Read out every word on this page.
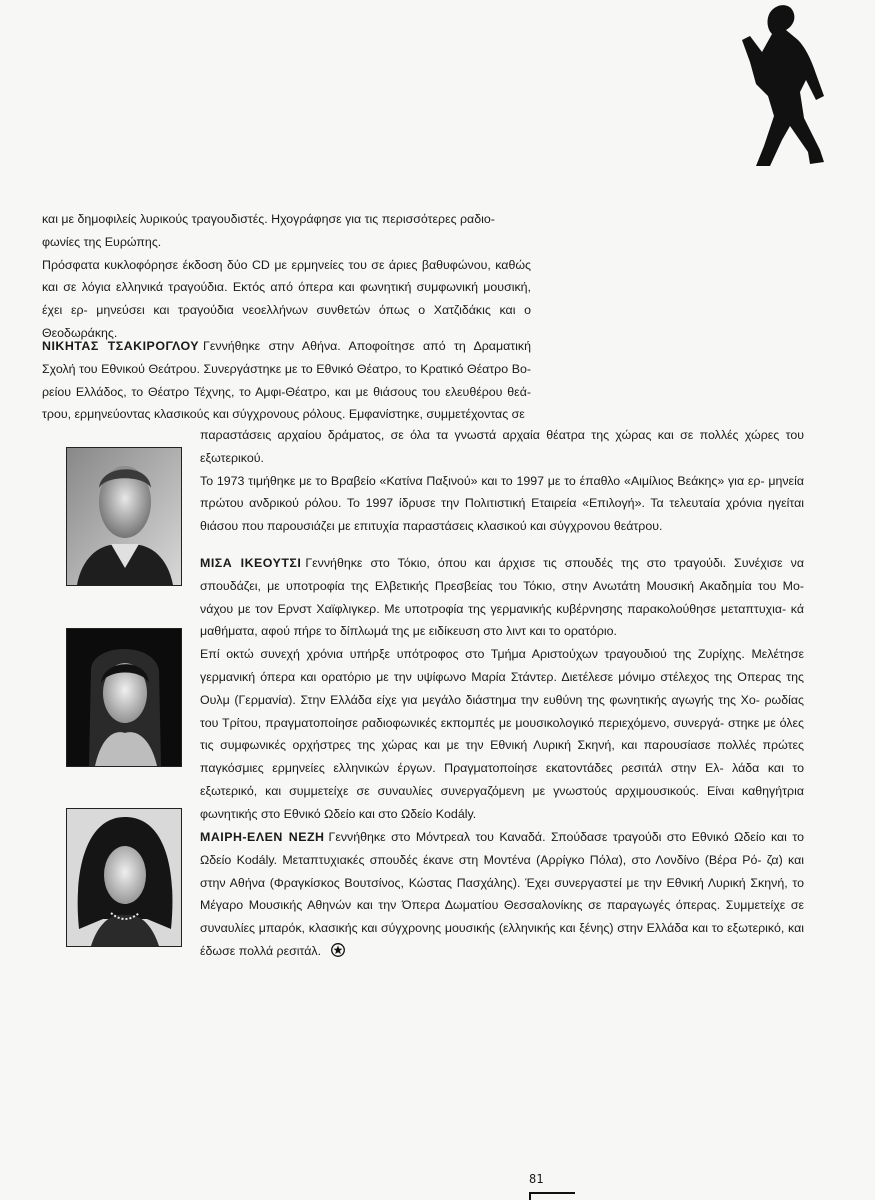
και με δημοφιλείς λυρικούς τραγουδιστές. Ηχογράφησε για τις περισσότερες ραδιο-

φωνίες της Ευρώπης.

Πρόσφατα κυκλοφόρησε έκδοση δύο CD με ερμηνείες του σε άριες βαθυφώνου, καθώς και σε λόγια ελληνικά τραγούδια. Εκτός από όπερα και φωνητική συμφωνική μουσική, έχει ερ- μηνεύσει και τραγούδια νεοελλήνων συνθετών όπως ο Χατζιδάκις και ο Θεοδωράκης.

ΝΙΚΗΤΑΣ ΤΣΑΚΙΡΟΓΛΟΥ Γεννήθηκε στην Αθήνα. Αποφοίτησε από τη Δραματική Σχολή του Εθνικού Θεάτρου. Συνεργάστηκε με το Εθνικό Θέατρο, το Κρατικό Θέατρο Βο- ρείου Ελλάδος, το Θέατρο Τέχνης, το Αμφι-Θέατρο, και με θιάσους του ελευθέρου θεά- τρου, ερμηνεύοντας κλασικούς και σύγχρονους ρόλους. Εμφανίστηκε, συμμετέχοντας σε

παραστάσεις αρχαίου δράματος, σε όλα τα γνωστά αρχαία θέατρα της χώρας και σε πολλές χώρες του εξωτερικού.

Το 1973 τιμήθηκε με το Βραβείο «Κατίνα Παξινού» και το 1997 με το έπαθλο «Αιμίλιος Βεάκης» για ερ- μηνεία πρώτου ανδρικού ρόλου. Το 1997 ίδρυσε την Πολιτιστική Εταιρεία «Επιλογή». Τα τελευταία χρόνια ηγείται θιάσου που παρουσιάζει με επιτυχία παραστάσεις κλασικού και σύγχρονου θεάτρου.

ΜΙΣΑ ΙΚΕΟΥΤΣΙ Γεννήθηκε στο Τόκιο, όπου και άρχισε τις σπουδές της στο τραγούδι. Συνέχισε να σπουδάζει, με υποτροφία της Ελβετικής Πρεσβείας του Τόκιο, στην Ανωτάτη Μουσική Ακαδημία του Μο- νάχου με τον Ερνστ Χαϊφλιγκερ. Με υποτροφία της γερμανικής κυβέρνησης παρακολούθησε μεταπτυχια- κά μαθήματα, αφού πήρε το δίπλωμά της με ειδίκευση στο λιντ και το ορατόριο.

Επί οκτώ συνεχή χρόνια υπήρξε υπότροφος στο Τμήμα Αριστούχων τραγουδιού της Ζυρίχης. Μελέτησε γερμανική όπερα και ορατόριο με την υψίφωνο Μαρία Στάντερ. Διετέλεσε μόνιμο στέλεχος της Οπερας της Ουλμ (Γερμανία). Στην Ελλάδα είχε για μεγάλο διάστημα την ευθύνη της φωνητικής αγωγής της Χο- ρωδίας του Τρίτου, πραγματοποίησε ραδιοφωνικές εκπομπές με μουσικολογικό περιεχόμενο, συνεργά- στηκε με όλες τις συμφωνικές ορχήστρες της χώρας και με την Εθνική Λυρική Σκηνή, και παρουσίασε πολλές πρώτες παγκόσμιες ερμηνείες ελληνικών έργων. Πραγματοποίησε εκατοντάδες ρεσιτάλ στην Ελ- λάδα και το εξωτερικό, και συμμετείχε σε συναυλίες συνεργαζόμενη με γνωστούς αρχιμουσικούς. Είναι καθηγήτρια φωνητικής στο Εθνικό Ωδείο και στο Ωδείο Kodály.

ΜΑΙΡΗ-ΕΛΕΝ ΝΕΖΗ Γεννήθηκε στο Μόντρεαλ του Καναδά. Σπούδασε τραγούδι στο Εθνικό Ωδείο και το Ωδείο Kodály. Μεταπτυχιακές σπουδές έκανε στη Μοντένα (Αρρίγκο Πόλα), στο Λονδίνο (Βέρα Ρό- ζα) και στην Αθήνα (Φραγκίσκος Βουτσίνος, Κώστας Πασχάλης). Έχει συνεργαστεί με την Εθνική Λυρική Σκηνή, το Μέγαρο Μουσικής Αθηνών και την Όπερα Δωματίου Θεσσαλονίκης σε παραγωγές όπερας. Συμμετείχε σε συναυλίες μπαρόκ, κλασικής και σύγχρονης μουσικής (ελληνικής και ξένης) στην Ελλάδα και το εξωτερικό, και έδωσε πολλά ρεσιτάλ.

81
